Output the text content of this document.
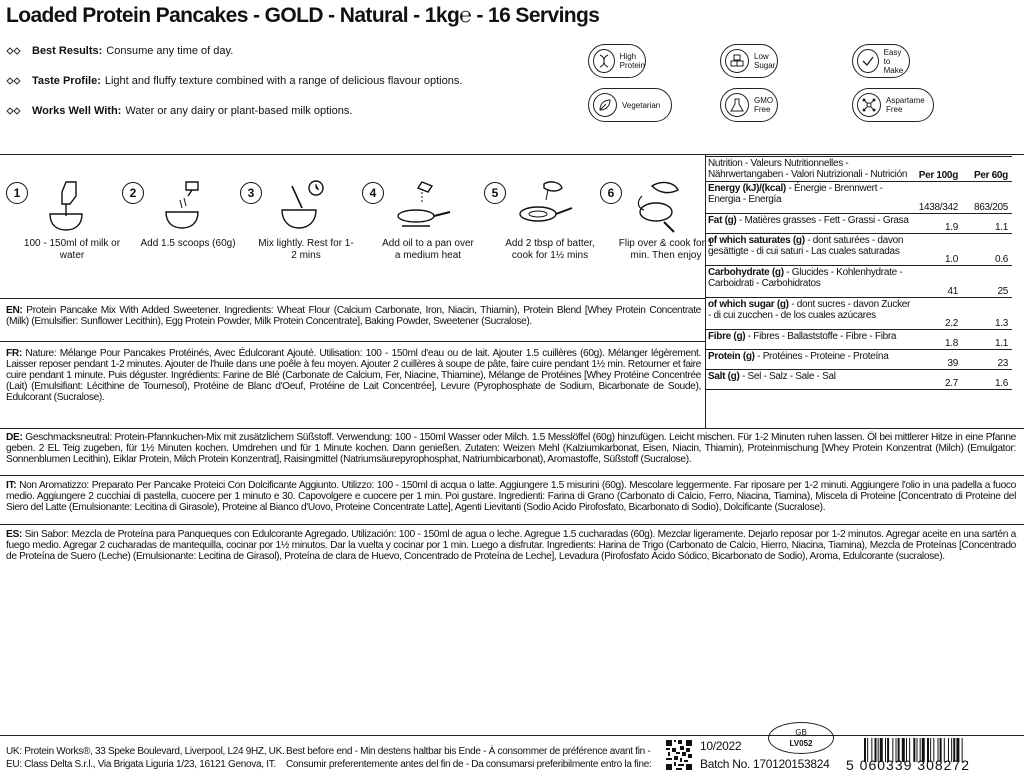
Loaded Protein Pancakes - GOLD - Natural - 1kg℮ - 16 Servings
Best Results: Consume any time of day.
Taste Profile: Light and fluffy texture combined with a range of delicious flavour options.
Works Well With: Water or any dairy or plant-based milk options.
High
Protein
Low
Sugar
Easy
to Make
Vegetarian	GMO
Free
Aspartame
Free
1
100 - 150ml of milk or water
2
Add 1.5 scoops (60g)
3
Mix lightly. Rest for 1-2 mins
4
Add oil to a pan over a medium heat
5
Add 2 tbsp of batter, cook for 1½ mins
6
Flip over & cook for 1 min. Then enjoy
EN: Protein Pancake Mix With Added Sweetener. Ingredients: Wheat Flour (Calcium Carbonate, Iron, Niacin, Thiamin), Protein Blend [Whey Protein Concentrate (Milk) (Emulsifier: Sunflower Lecithin), Egg Protein Powder, Milk Protein Concentrate], Baking Powder, Sweetener (Sucralose).
FR: Nature: Mélange Pour Pancakes Protéinés, Avec Édulcorant Ajouté. Utilisation: 100 - 150ml d'eau ou de lait. Ajouter 1.5 cuillères (60g). Mélanger légèrement. Laisser reposer pendant 1-2 minutes. Ajouter de l'huile dans une poêle à feu moyen. Ajouter 2 cuillères à soupe de pâte, faire cuire pendant 1½ min. Retourner et faire cuire pendant 1 minute. Puis déguster. Ingrédients: Farine de Blé (Carbonate de Calcium, Fer, Niacine, Thiamine), Mélange de Protéines [Whey Protéine Concentrée (Lait) (Emulsifiant: Lécithine de Tournesol), Protéine de Blanc d'Oeuf, Protéine de Lait Concentrée], Levure (Pyrophosphate de Sodium, Bicarbonate de Soude), Edulcorant (Sucralose).
DE: Geschmacksneutral: Protein-Pfannkuchen-Mix mit zusätzlichem Süßstoff. Verwendung: 100 - 150ml Wasser oder Milch. 1.5 Messlöffel (60g) hinzufügen. Leicht mischen. Für 1-2 Minuten ruhen lassen. Öl bei mittlerer Hitze in eine Pfanne geben. 2 EL Teig zugeben, für 1½ Minuten kochen. Umdrehen und für 1 Minute kochen. Dann genießen. Zutaten: Weizen Mehl (Kalziumkarbonat, Eisen, Niacin, Thiamin), Proteinmischung [Whey Protein Konzentrat (Milch) (Emulgator: Sonnenblumen Lecithin), Eiklar Protein, Milch Protein Konzentrat], Raisingmittel (Natriumsäurepyrophosphat, Natriumbicarbonat), Aromastoffe, Süßstoff (Sucralose).
IT: Non Aromatizzo: Preparato Per Pancake Proteici Con Dolcificante Aggiunto. Utilizzo: 100 - 150ml di acqua o latte. Aggiungere 1.5 misurini (60g). Mescolare leggermente. Far riposare per 1-2 minuti. Aggiungere l'olio in una padella a fuoco medio. Aggiungere 2 cucchiai di pastella, cuocere per 1 minuto e 30. Capovolgere e cuocere per 1 min. Poi gustare. Ingredienti: Farina di Grano (Carbonato di Calcio, Ferro, Niacina, Tiamina), Miscela di Proteine [Concentrato di Proteine del Siero del Latte (Emulsionante: Lecitina di Girasole), Proteine al Bianco d'Uovo, Proteine Concentrate Latte], Agenti Lievitanti (Sodio Acido Pirofosfato, Bicarbonato di Sodio), Dolcificante (Sucralose).
ES: Sin Sabor: Mezcla de Proteína para Panqueques con Edulcorante Agregado. Utilización: 100 - 150ml de agua o leche. Agregue 1.5 cucharadas (60g). Mezclar ligeramente. Dejarlo reposar por 1-2 minutos. Agregar aceite en una sartén a fuego medio. Agregar 2 cucharadas de mantequilla, cocinar por 1½ minutos. Dar la vuelta y cocinar por 1 min. Luego a disfrutar. Ingredients: Harina de Trigo (Carbonato de Calcio, Hierro, Niacina, Tiamina), Mezcla de Proteínas [Concentrado de Proteína de Suero (Leche) (Emulsionante: Lecitina de Girasol), Proteína de clara de Huevo, Concentrado de Proteína de Leche], Levadura (Pirofosfato Ácido Sódico, Bicarbonato de Sodio), Aroma, Edulcorante (sucralose).
Nutrition - Valeurs Nutritionnelles - Nährwertangaben - Valori Nutrizionali - Nutrición	Per 100g	Per 60g
Energy (kJ)/(kcal) - Énergie - Brennwert - Energia - Energía
1438/342	863/205
Fat (g) - Matières grasses - Fett - Grassi - Grasa
1.9	1.1
of which saturates (g) - dont saturées - davon gesättigte - di cui saturi - Las cuales saturadas
1.0	0.6
Carbohydrate (g) - Glucides - Kohlenhydrate - Carboidrati - Carbohidratos
41	25
of which sugar (g) - dont sucres - davon Zucker - di cui zucchen - de los cuales azúcares
2.2	1.3
Fibre (g) - Fibres - Ballaststoffe - Fibre - Fibra
1.8	1.1
Protein (g) - Protéines - Proteine - Proteína
39	23
Salt (g) - Sel - Salz - Sale - Sal
2.7	1.6
UK: Protein Works®, 33 Speke Boulevard, Liverpool, L24 9HZ, UK.
EU: Class Delta S.r.l., Via Brigata Liguria 1/23, 16121 Genova, IT.
Best before end - Min destens haltbar bis Ende - À consommer de préférence avant fin -
Consumir preferentemente antes del fin de - Da consumarsi preferibilmente entro la fine:
10/2022
Batch No. 170120153824
GB
LV052
5 060339 308272
